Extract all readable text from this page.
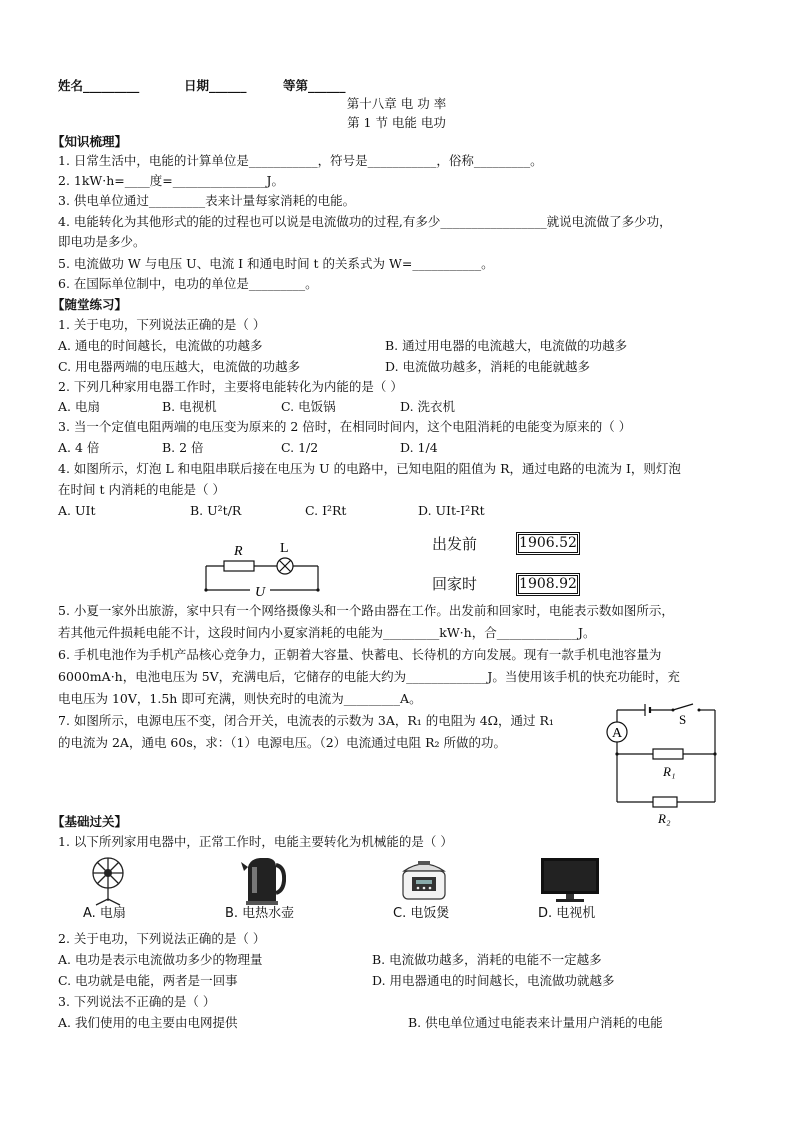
姓名_________	日期______	等第______
第十八章 电 功 率
第 1 节 电能 电功
【知识梳理】
1. 日常生活中，电能的计算单位是___________，符号是___________，俗称_________。
2. 1kW·h=____度=_______________J。
3. 供电单位通过_________表来计量每家消耗的电能。
4. 电能转化为其他形式的能的过程也可以说是电流做功的过程,有多少_________________就说电流做了多少功，
即电功是多少。
5. 电流做功 W 与电压 U、电流 I 和通电时间 t 的关系式为 W=___________。
6. 在国际单位制中，电功的单位是_________。
【随堂练习】
1. 关于电功，下列说法正确的是（ ）
A. 通电的时间越长，电流做的功越多	B. 通过用电器的电流越大，电流做的功越多
C. 用电器两端的电压越大，电流做的功越多	D. 电流做功越多，消耗的电能就越多
2. 下列几种家用电器工作时，主要将电能转化为内能的是（ ）
A. 电扇	B. 电视机	C. 电饭锅	D. 洗衣机
3. 当一个定值电阻两端的电压变为原来的 2 倍时，在相同时间内，这个电阻消耗的电能变为原来的（ ）
A. 4 倍	B. 2 倍	C. 1/2	D. 1/4
4. 如图所示，灯泡 L 和电阻串联后接在电压为 U 的电路中，已知电阻的阻值为 R，通过电路的电流为 I，则灯泡
在时间 t 内消耗的电能是（ ）
A. UIt	B. U²t/R	C. I²Rt	D. UIt-I²Rt
R	L
U
出发前	1906.52
回家时	1908.92
5. 小夏一家外出旅游，家中只有一个网络摄像头和一个路由器在工作。出发前和回家时，电能表示数如图所示，
若其他元件损耗电能不计，这段时间内小夏家消耗的电能为_________kW·h，合_____________J。
6. 手机电池作为手机产品核心竞争力，正朝着大容量、快蓄电、长待机的方向发展。现有一款手机电池容量为
6000mA·h，电池电压为 5V，充满电后，它储存的电能大约为_____________J。当使用该手机的快充功能时，充
电电压为 10V，1.5h 即可充满，则快充时的电流为_________A。
7. 如图所示，电源电压不变，闭合开关，电流表的示数为 3A，R₁ 的电阻为 4Ω，通过 R₁
的电流为 2A，通电 60s，求：（1）电源电压。（2）电流通过电阻 R₂ 所做的功。
A
S
R₁
R₂
【基础过关】
1. 以下所列家用电器中，正常工作时，电能主要转化为机械能的是（ ）
A. 电扇	B. 电热水壶	C. 电饭煲	D. 电视机
2. 关于电功，下列说法正确的是（ ）
A. 电功是表示电流做功多少的物理量	B. 电流做功越多，消耗的电能不一定越多
C. 电功就是电能，两者是一回事	D. 用电器通电的时间越长，电流做功就越多
3. 下列说法不正确的是（ ）
A. 我们使用的电主要由电网提供	B. 供电单位通过电能表来计量用户消耗的电能
